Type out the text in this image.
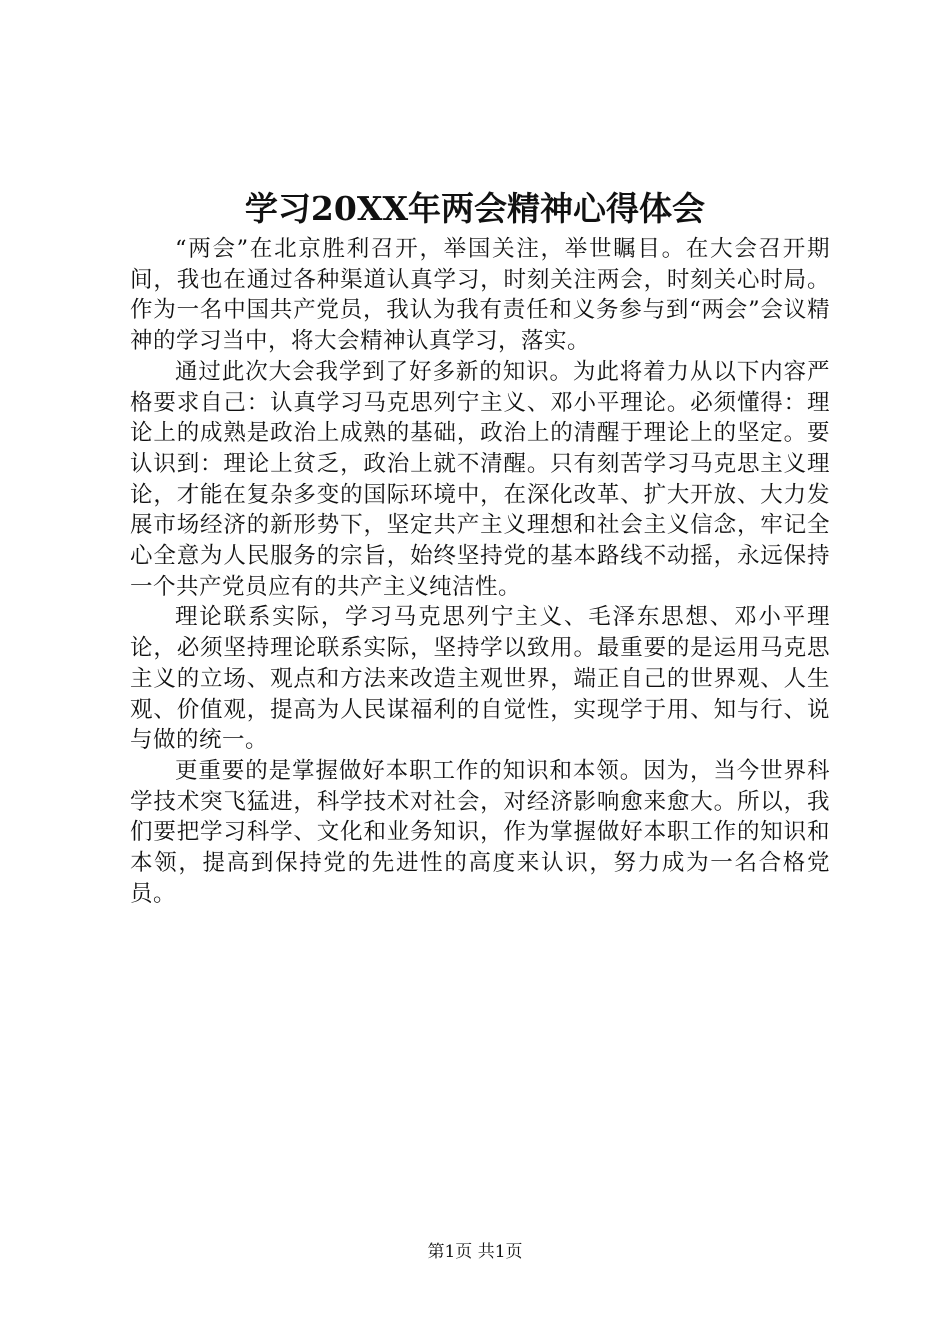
学习20XX年两会精神心得体会

“两会”在北京胜利召开，举国关注，举世瞩目。在大会召开期间，我也在通过各种渠道认真学习，时刻关注两会，时刻关心时局。作为一名中国共产党员，我认为我有责任和义务参与到“两会”会议精神的学习当中，将大会精神认真学习，落实。

通过此次大会我学到了好多新的知识。为此将着力从以下内容严格要求自己：认真学习马克思列宁主义、邓小平理论。必须懂得：理论上的成熟是政治上成熟的基础，政治上的清醒于理论上的坚定。要认识到：理论上贫乏，政治上就不清醒。只有刻苦学习马克思主义理论，才能在复杂多变的国际环境中，在深化改革、扩大开放、大力发展市场经济的新形势下，坚定共产主义理想和社会主义信念，牢记全心全意为人民服务的宗旨，始终坚持党的基本路线不动摇，永远保持一个共产党员应有的共产主义纯洁性。

理论联系实际，学习马克思列宁主义、毛泽东思想、邓小平理论，必须坚持理论联系实际，坚持学以致用。最重要的是运用马克思主义的立场、观点和方法来改造主观世界，端正自己的世界观、人生观、价值观，提高为人民谋福利的自觉性，实现学于用、知与行、说与做的统一。

更重要的是掌握做好本职工作的知识和本领。因为，当今世界科学技术突飞猛进，科学技术对社会，对经济影响愈来愈大。所以，我们要把学习科学、文化和业务知识，作为掌握做好本职工作的知识和本领，提高到保持党的先进性的高度来认识，努力成为一名合格党员。

第1页 共1页
